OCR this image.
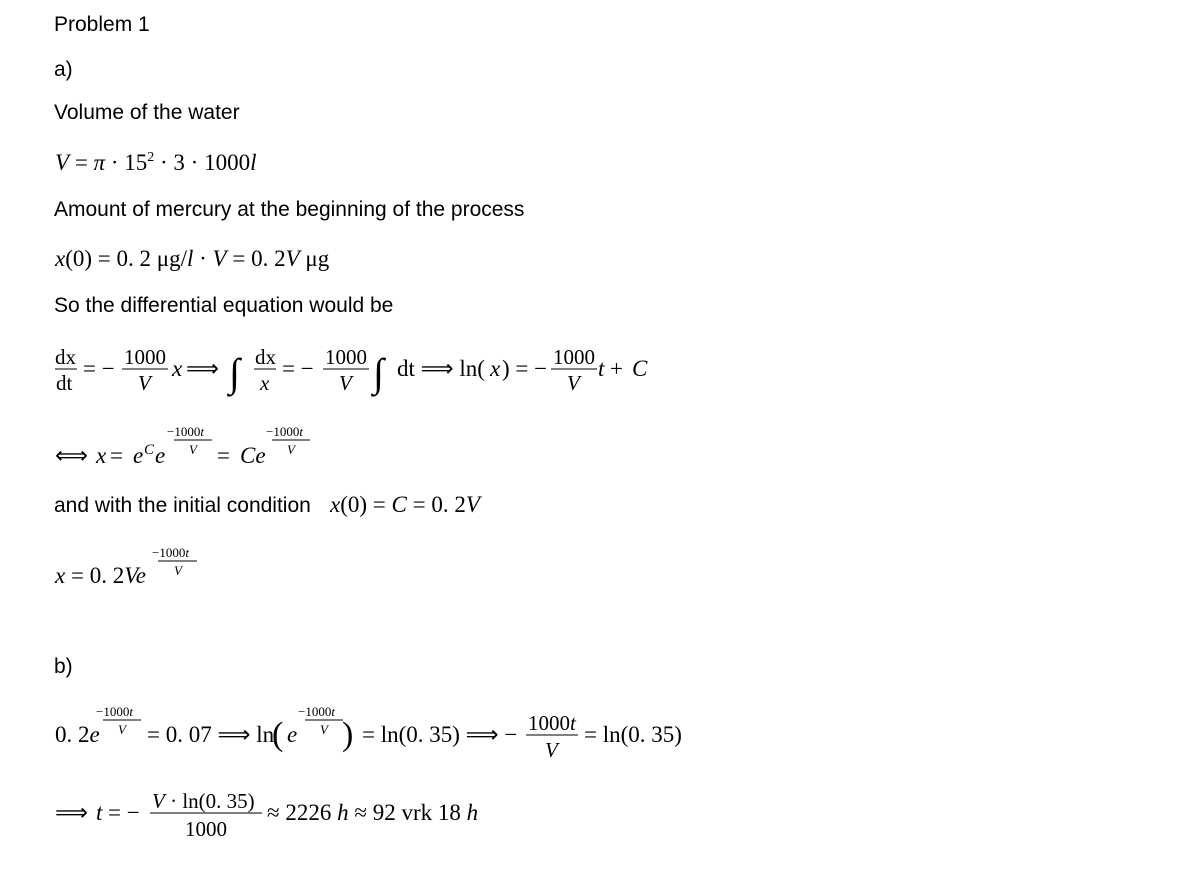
Problem 1
a)
Volume of the water
Amount of mercury at the beginning of the process
So the differential equation would be
and with the initial condition
b)
$V = \pi \cdot 15^2 \cdot 3 \cdot 1000l$
x(0) = 0. 2 μg/l · V = 0. 2V μg
dx
dt
= − 1000
V
x ⟹ ∫ dx
x
= − 1000
V ∫ dt ⟹ ln( x ) = − 1000
V
t + C
⟺ x = e C e
−1000t
V = Ce
−1000t
V
x(0) = C = 0. 2V
x = 0. 2Ve
−1000t
V
0. 2e
−1000t
V = 0. 07 ⟹ ln
( e
−1000t
V ) = ln(0. 35) ⟹ − 1000t
V
= ln(0. 35)
⟹ t = − V · ln(0. 35)
1000
≈ 2226 h ≈ 92 vrk 18 h
